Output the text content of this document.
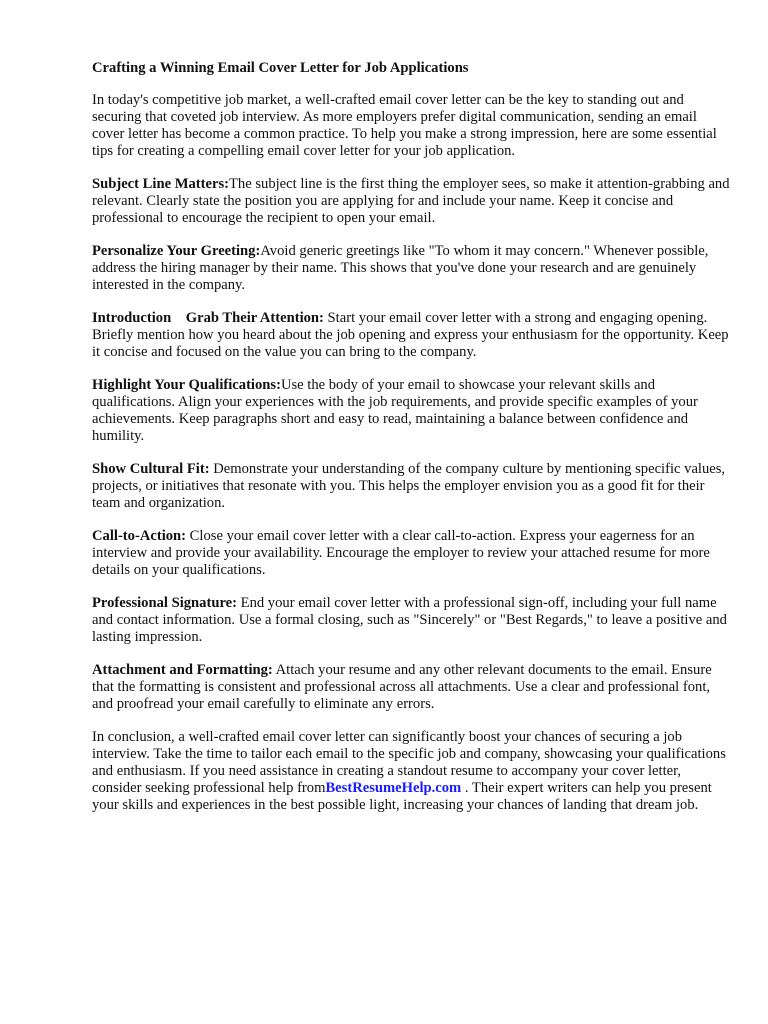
Crafting a Winning Email Cover Letter for Job Applications

In today's competitive job market, a well-crafted email cover letter can be the key to standing out and securing that coveted job interview. As more employers prefer digital communication, sending an email cover letter has become a common practice. To help you make a strong impression, here are some essential tips for creating a compelling email cover letter for your job application.

Subject Line Matters:The subject line is the first thing the employer sees, so make it attention-grabbing and relevant. Clearly state the position you are applying for and include your name. Keep it concise and professional to encourage the recipient to open your email.

Personalize Your Greeting:Avoid generic greetings like "To whom it may concern." Whenever possible, address the hiring manager by their name. This shows that you've done your research and are genuinely interested in the company.

Introduction    Grab Their Attention: Start your email cover letter with a strong and engaging opening. Briefly mention how you heard about the job opening and express your enthusiasm for the opportunity. Keep it concise and focused on the value you can bring to the company.

Highlight Your Qualifications:Use the body of your email to showcase your relevant skills and qualifications. Align your experiences with the job requirements, and provide specific examples of your achievements. Keep paragraphs short and easy to read, maintaining a balance between confidence and humility.

Show Cultural Fit: Demonstrate your understanding of the company culture by mentioning specific values, projects, or initiatives that resonate with you. This helps the employer envision you as a good fit for their team and organization.

Call-to-Action: Close your email cover letter with a clear call-to-action. Express your eagerness for an interview and provide your availability. Encourage the employer to review your attached resume for more details on your qualifications.

Professional Signature: End your email cover letter with a professional sign-off, including your full name and contact information. Use a formal closing, such as "Sincerely" or "Best Regards," to leave a positive and lasting impression.

Attachment and Formatting: Attach your resume and any other relevant documents to the email. Ensure that the formatting is consistent and professional across all attachments. Use a clear and professional font, and proofread your email carefully to eliminate any errors.

In conclusion, a well-crafted email cover letter can significantly boost your chances of securing a job interview. Take the time to tailor each email to the specific job and company, showcasing your qualifications and enthusiasm. If you need assistance in creating a standout resume to accompany your cover letter, consider seeking professional help fromBestResumeHelp.com . Their expert writers can help you present your skills and experiences in the best possible light, increasing your chances of landing that dream job.
